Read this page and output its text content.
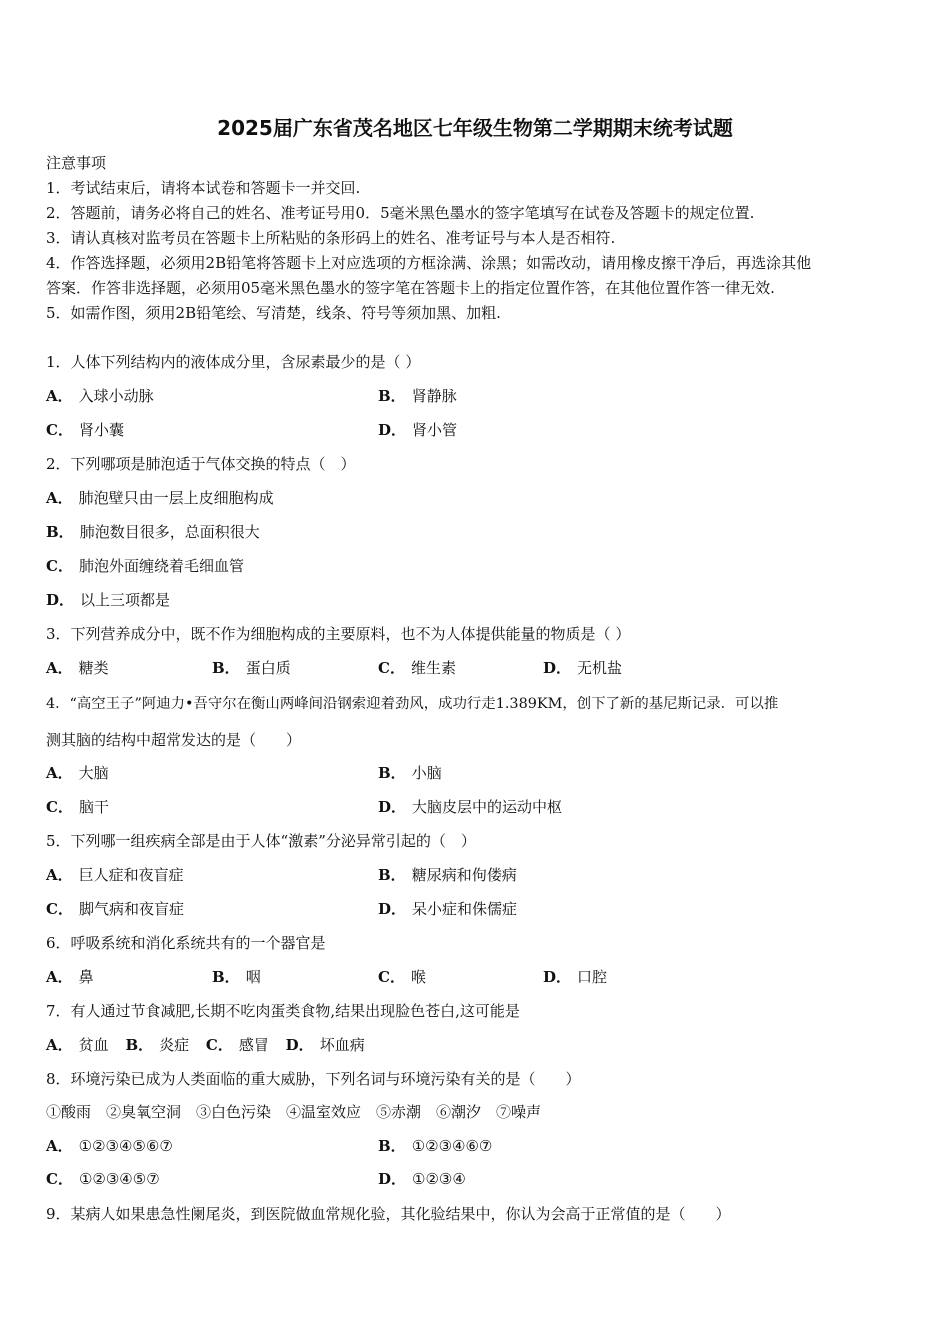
2025届广东省茂名地区七年级生物第二学期期末统考试题
注意事项
1．考试结束后，请将本试卷和答题卡一并交回.
2．答题前，请务必将自己的姓名、准考证号用0．5毫米黑色墨水的签字笔填写在试卷及答题卡的规定位置.
3．请认真核对监考员在答题卡上所粘贴的条形码上的姓名、准考证号与本人是否相符.
4．作答选择题，必须用2B铅笔将答题卡上对应选项的方框涂满、涂黑；如需改动，请用橡皮擦干净后，再选涂其他
答案．作答非选择题，必须用05毫米黑色墨水的签字笔在答题卡上的指定位置作答，在其他位置作答一律无效.
5．如需作图，须用2B铅笔绘、写清楚，线条、符号等须加黑、加粗.
1．人体下列结构内的液体成分里，含尿素最少的是（ ）
A． 入球小动脉	B． 肾静脉
C． 肾小囊	D． 肾小管
2．下列哪项是肺泡适于气体交换的特点（　）
A． 肺泡壁只由一层上皮细胞构成
B． 肺泡数目很多，总面积很大
C． 肺泡外面缠绕着毛细血管
D． 以上三项都是
3．下列营养成分中，既不作为细胞构成的主要原料，也不为人体提供能量的物质是（ ）
A． 糖类	B． 蛋白质	C． 维生素	D． 无机盐
4．“高空王子”阿迪力•吾守尔在衡山两峰间沿钢索迎着劲风，成功行走1.389KM，创下了新的基尼斯记录．可以推
测其脑的结构中超常发达的是（　　）
A． 大脑	B． 小脑
C． 脑干	D． 大脑皮层中的运动中枢
5．下列哪一组疾病全部是由于人体“激素”分泌异常引起的（　）
A． 巨人症和夜盲症	B． 糖尿病和佝偻病
C． 脚气病和夜盲症	D． 呆小症和侏儒症
6．呼吸系统和消化系统共有的一个器官是
A． 鼻	B． 咽	C． 喉	D． 口腔
7．有人通过节食减肥,长期不吃肉蛋类食物,结果出现脸色苍白,这可能是
A． 贫血 B． 炎症 C． 感冒 D． 坏血病
8．环境污染已成为人类面临的重大威胁，下列名词与环境污染有关的是（　　）
①酸雨　②臭氧空洞　③白色污染　④温室效应　⑤赤潮　⑥潮汐　⑦噪声
A． ①②③④⑤⑥⑦	B． ①②③④⑥⑦
C． ①②③④⑤⑦	D． ①②③④
9．某病人如果患急性阑尾炎，到医院做血常规化验，其化验结果中，你认为会高于正常值的是（　　）
